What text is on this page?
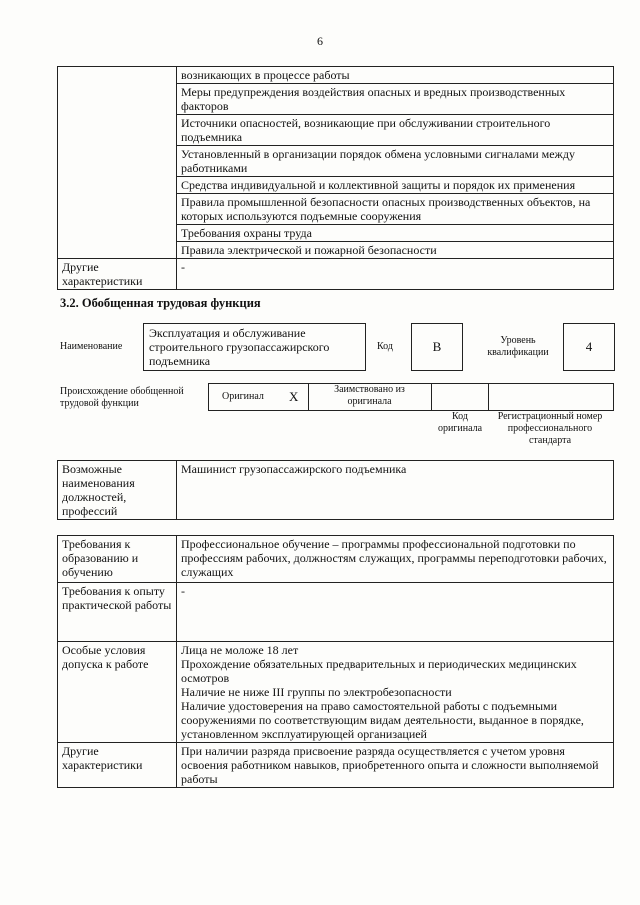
6
	возникающих в процессе работы
	Меры предупреждения воздействия опасных и вредных производственных факторов
	Источники опасностей, возникающие при обслуживании строительного подъемника
	Установленный в организации порядок обмена условными сигналами между работниками
	Средства индивидуальной и коллективной защиты и порядок их применения
	Правила промышленной безопасности опасных производственных объектов, на которых используются подъемные сооружения
	Требования охраны труда
	Правила электрической и пожарной безопасности
Другие характеристики	-
3.2. Обобщенная трудовая функция
Наименование
Эксплуатация и обслуживание строительного грузопассажирского подъемника
Код	B	Уровень квалификации	4
Происхождение обобщенной трудовой функции
Оригинал X	Заимствовано из оригинала
Код оригинала
Регистрационный номер профессионального стандарта
Возможные наименования должностей, профессий	Машинист грузопассажирского подъемника
Требования к образованию и обучению	Профессиональное обучение – программы профессиональной подготовки по профессиям рабочих, должностям служащих, программы переподготовки рабочих, служащих
Требования к опыту практической работы	-
Особые условия допуска к работе	Лица не моложе 18 лет
Прохождение обязательных предварительных и периодических медицинских осмотров
Наличие не ниже III группы по электробезопасности
Наличие удостоверения на право самостоятельной работы с подъемными сооружениями по соответствующим видам деятельности, выданное в порядке, установленном эксплуатирующей организацией

Другие характеристики	При наличии разряда присвоение разряда осуществляется с учетом уровня освоения работником навыков, приобретенного опыта и сложности выполняемой работы
